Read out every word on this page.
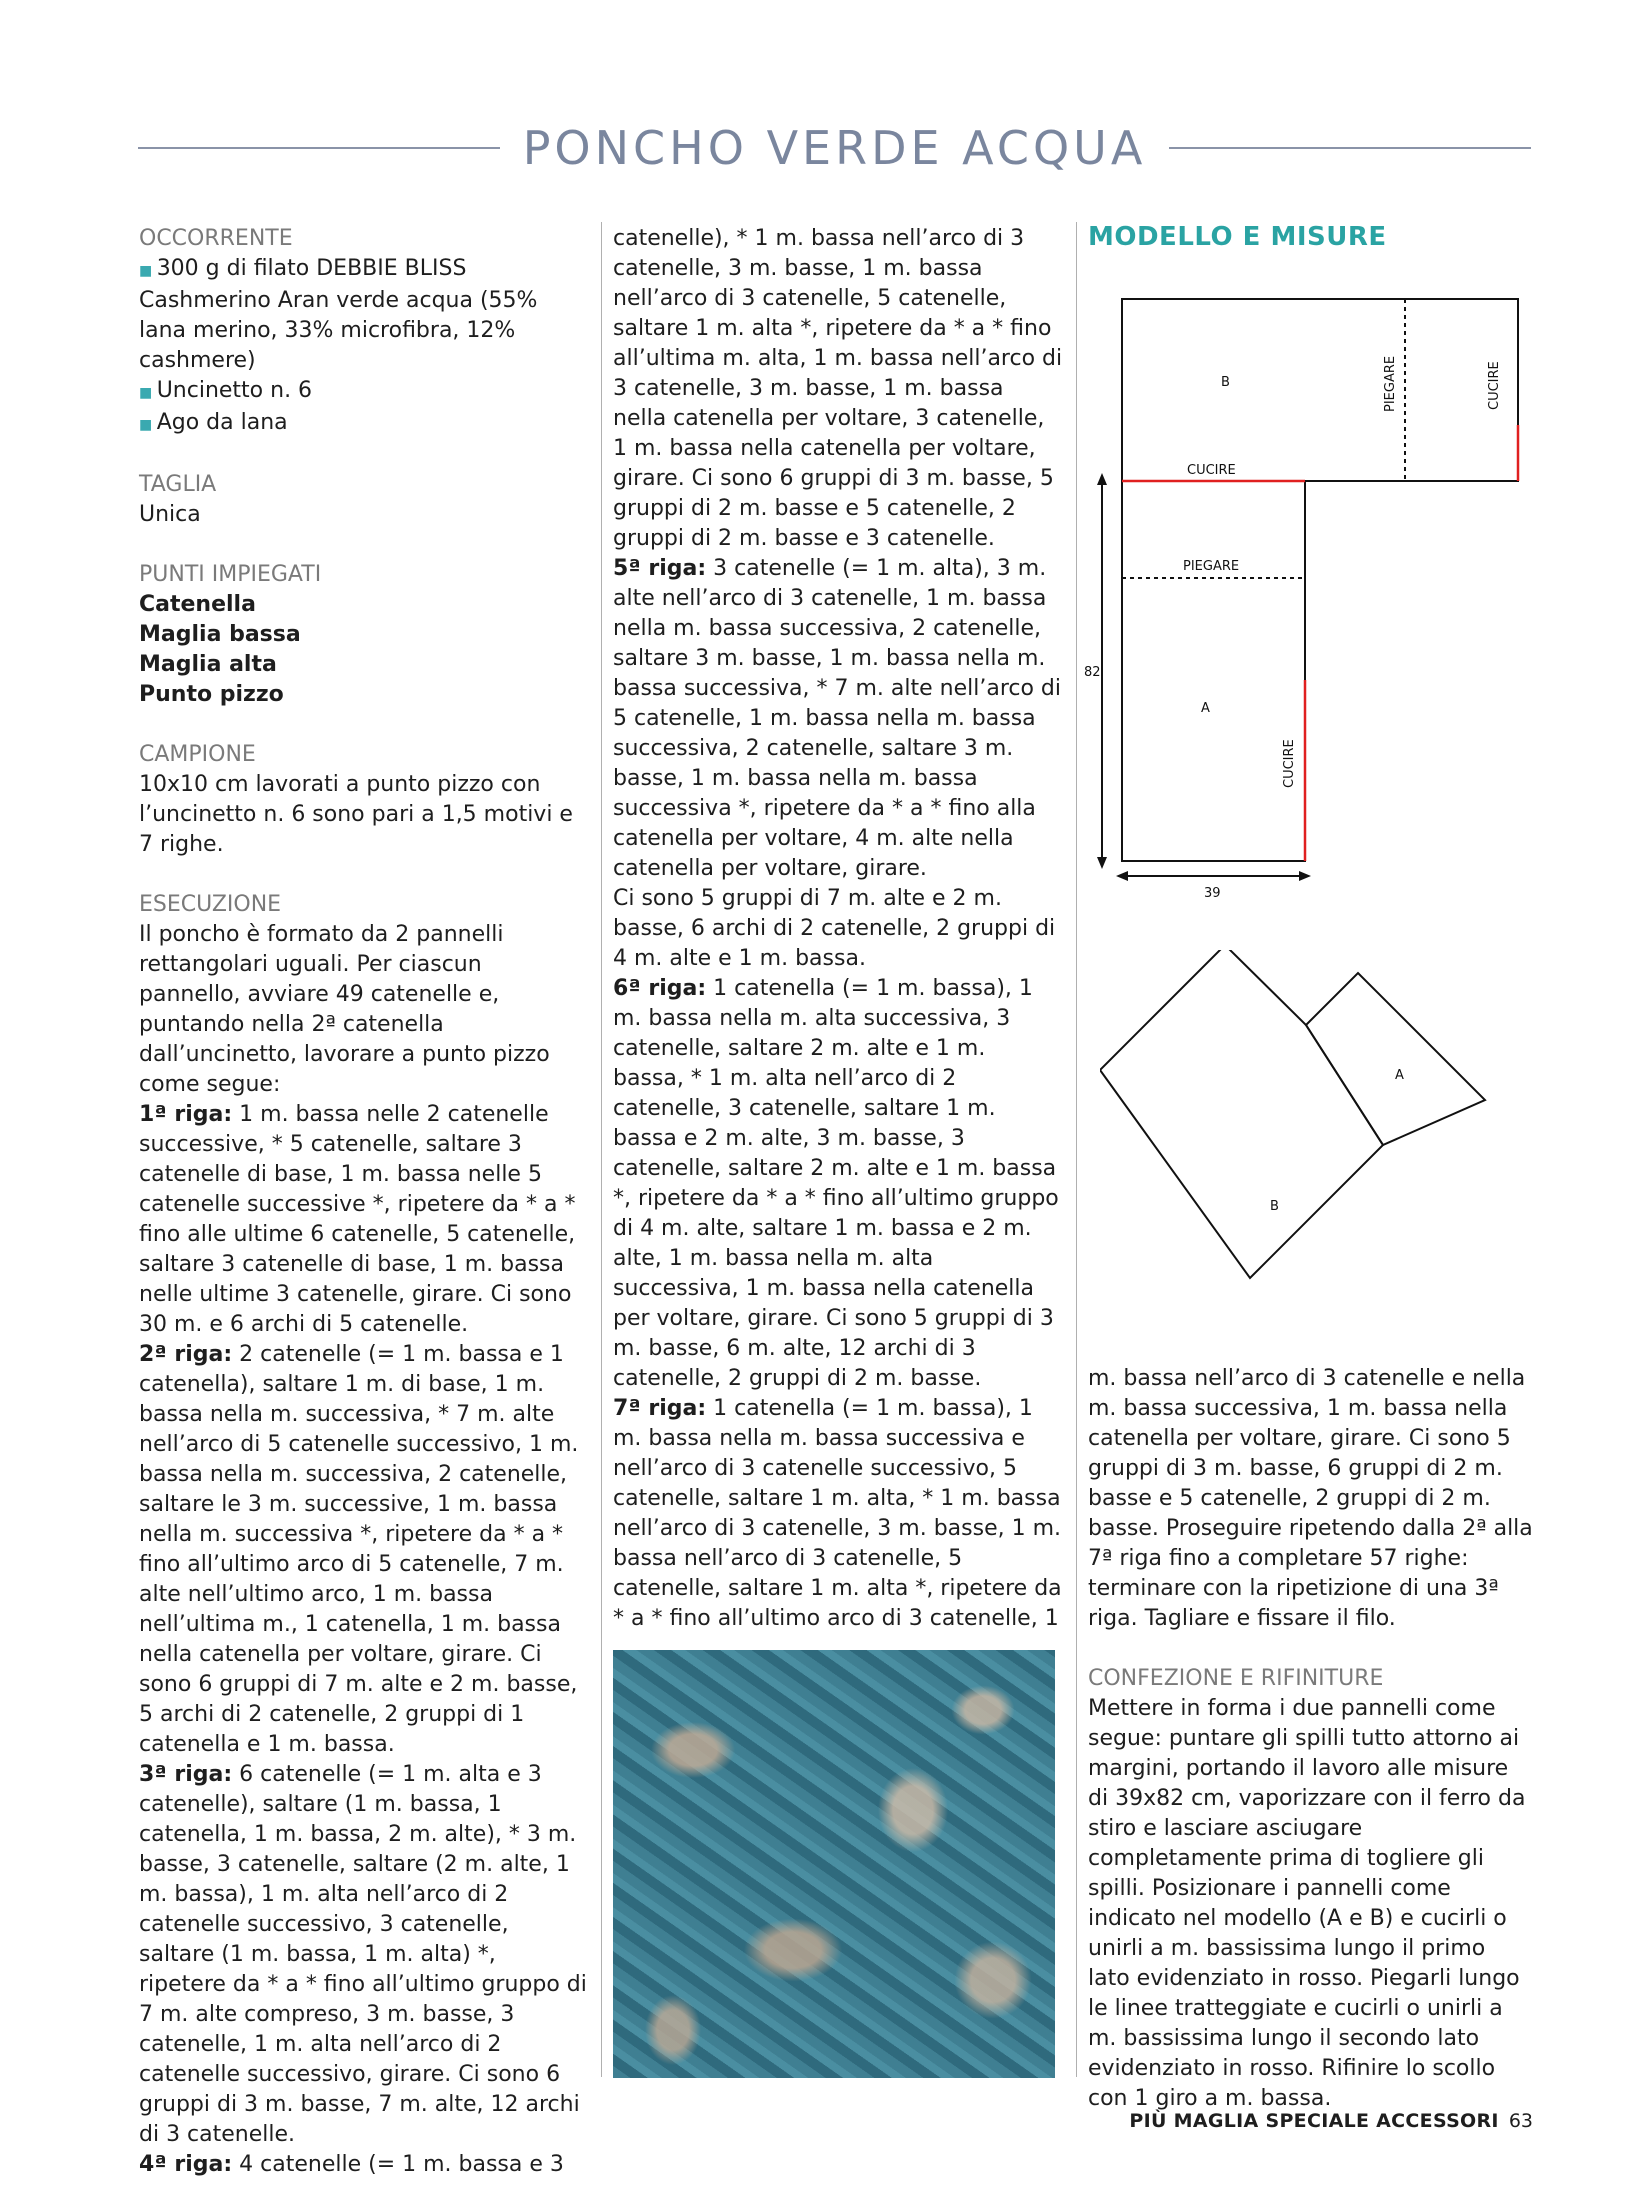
PONCHO VERDE ACQUA
OCCORRENTE
■ 300 g di filato DEBBIE BLISS Cashmerino Aran verde acqua (55% lana merino, 33% microfibra, 12% cashmere)
■ Uncinetto n. 6
■ Ago da lana
TAGLIA
Unica
PUNTI IMPIEGATI
Catenella
Maglia bassa
Maglia alta
Punto pizzo
CAMPIONE
10x10 cm lavorati a punto pizzo con l’uncinetto n. 6 sono pari a 1,5 motivi e 7 righe.
ESECUZIONE
Il poncho è formato da 2 pannelli rettangolari uguali. Per ciascun pannello, avviare 49 catenelle e, puntando nella 2ª catenella dall’uncinetto, lavorare a punto pizzo come segue:
1ª riga: 1 m. bassa nelle 2 catenelle successive, * 5 catenelle, saltare 3 catenelle di base, 1 m. bassa nelle 5 catenelle successive *, ripetere da * a * fino alle ultime 6 catenelle, 5 catenelle, saltare 3 catenelle di base, 1 m. bassa nelle ultime 3 catenelle, girare. Ci sono 30 m. e 6 archi di 5 catenelle.
2ª riga: 2 catenelle (= 1 m. bassa e 1 catenella), saltare 1 m. di base, 1 m. bassa nella m. successiva, * 7 m. alte nell’arco di 5 catenelle successivo, 1 m. bassa nella m. successiva, 2 catenelle, saltare le 3 m. successive, 1 m. bassa nella m. successiva *, ripetere da * a * fino all’ultimo arco di 5 catenelle, 7 m. alte nell’ultimo arco, 1 m. bassa nell’ultima m., 1 catenella, 1 m. bassa nella catenella per voltare, girare. Ci sono 6 gruppi di 7 m. alte e 2 m. basse, 5 archi di 2 catenelle, 2 gruppi di 1 catenella e 1 m. bassa.
3ª riga: 6 catenelle (= 1 m. alta e 3 catenelle), saltare (1 m. bassa, 1 catenella, 1 m. bassa, 2 m. alte), * 3 m. basse, 3 catenelle, saltare (2 m. alte, 1 m. bassa), 1 m. alta nell’arco di 2 catenelle successivo, 3 catenelle, saltare (1 m. bassa, 1 m. alta) *, ripetere da * a * fino all’ultimo gruppo di 7 m. alte compreso, 3 m. basse, 3 catenelle, 1 m. alta nell’arco di 2 catenelle successivo, girare. Ci sono 6 gruppi di 3 m. basse, 7 m. alte, 12 archi di 3 catenelle.
4ª riga: 4 catenelle (= 1 m. bassa e 3
catenelle), * 1 m. bassa nell’arco di 3 catenelle, 3 m. basse, 1 m. bassa nell’arco di 3 catenelle, 5 catenelle, saltare 1 m. alta *, ripetere da * a * fino all’ultima m. alta, 1 m. bassa nell’arco di 3 catenelle, 3 m. basse, 1 m. bassa nella catenella per voltare, 3 catenelle, 1 m. bassa nella catenella per voltare, girare. Ci sono 6 gruppi di 3 m. basse, 5 gruppi di 2 m. basse e 5 catenelle, 2 gruppi di 2 m. basse e 3 catenelle.
5ª riga: 3 catenelle (= 1 m. alta), 3 m. alte nell’arco di 3 catenelle, 1 m. bassa nella m. bassa successiva, 2 catenelle, saltare 3 m. basse, 1 m. bassa nella m. bassa successiva, * 7 m. alte nell’arco di 5 catenelle, 1 m. bassa nella m. bassa successiva, 2 catenelle, saltare 3 m. basse, 1 m. bassa nella m. bassa successiva *, ripetere da * a * fino alla catenella per voltare, 4 m. alte nella catenella per voltare, girare.
Ci sono 5 gruppi di 7 m. alte e 2 m. basse, 6 archi di 2 catenelle, 2 gruppi di 4 m. alte e 1 m. bassa.
6ª riga: 1 catenella (= 1 m. bassa), 1 m. bassa nella m. alta successiva, 3 catenelle, saltare 2 m. alte e 1 m. bassa, * 1 m. alta nell’arco di 2 catenelle, 3 catenelle, saltare 1 m. bassa e 2 m. alte, 3 m. basse, 3 catenelle, saltare 2 m. alte e 1 m. bassa *, ripetere da * a * fino all’ultimo gruppo di 4 m. alte, saltare 1 m. bassa e 2 m. alte, 1 m. bassa nella m. alta successiva, 1 m. bassa nella catenella per voltare, girare. Ci sono 5 gruppi di 3 m. basse, 6 m. alte, 12 archi di 3 catenelle, 2 gruppi di 2 m. basse.
7ª riga: 1 catenella (= 1 m. bassa), 1 m. bassa nella m. bassa successiva e nell’arco di 3 catenelle successivo, 5 catenelle, saltare 1 m. alta, * 1 m. bassa nell’arco di 3 catenelle, 3 m. basse, 1 m. bassa nell’arco di 3 catenelle, 5 catenelle, saltare 1 m. alta *, ripetere da * a * fino all’ultimo arco di 3 catenelle, 1
MODELLO E MISURE
B
A
CUCIRE
PIEGARE
82
39
PIEGARE	CUCIRE
CUCIRE
B
A
m. bassa nell’arco di 3 catenelle e nella m. bassa successiva, 1 m. bassa nella catenella per voltare, girare. Ci sono 5 gruppi di 3 m. basse, 6 gruppi di 2 m. basse e 5 catenelle, 2 gruppi di 2 m. basse. Proseguire ripetendo dalla 2ª alla 7ª riga fino a completare 57 righe: terminare con la ripetizione di una 3ª riga. Tagliare e fissare il filo.
CONFEZIONE E RIFINITURE
Mettere in forma i due pannelli come segue: puntare gli spilli tutto attorno ai margini, portando il lavoro alle misure di 39x82 cm, vaporizzare con il ferro da stiro e lasciare asciugare completamente prima di togliere gli spilli. Posizionare i pannelli come indicato nel modello (A e B) e cucirli o unirli a m. bassissima lungo il primo lato evidenziato in rosso. Piegarli lungo le linee tratteggiate e cucirli o unirli a m. bassissima lungo il secondo lato evidenziato in rosso. Rifinire lo scollo con 1 giro a m. bassa.
PIÙ MAGLIA SPECIALE ACCESSORI 63
